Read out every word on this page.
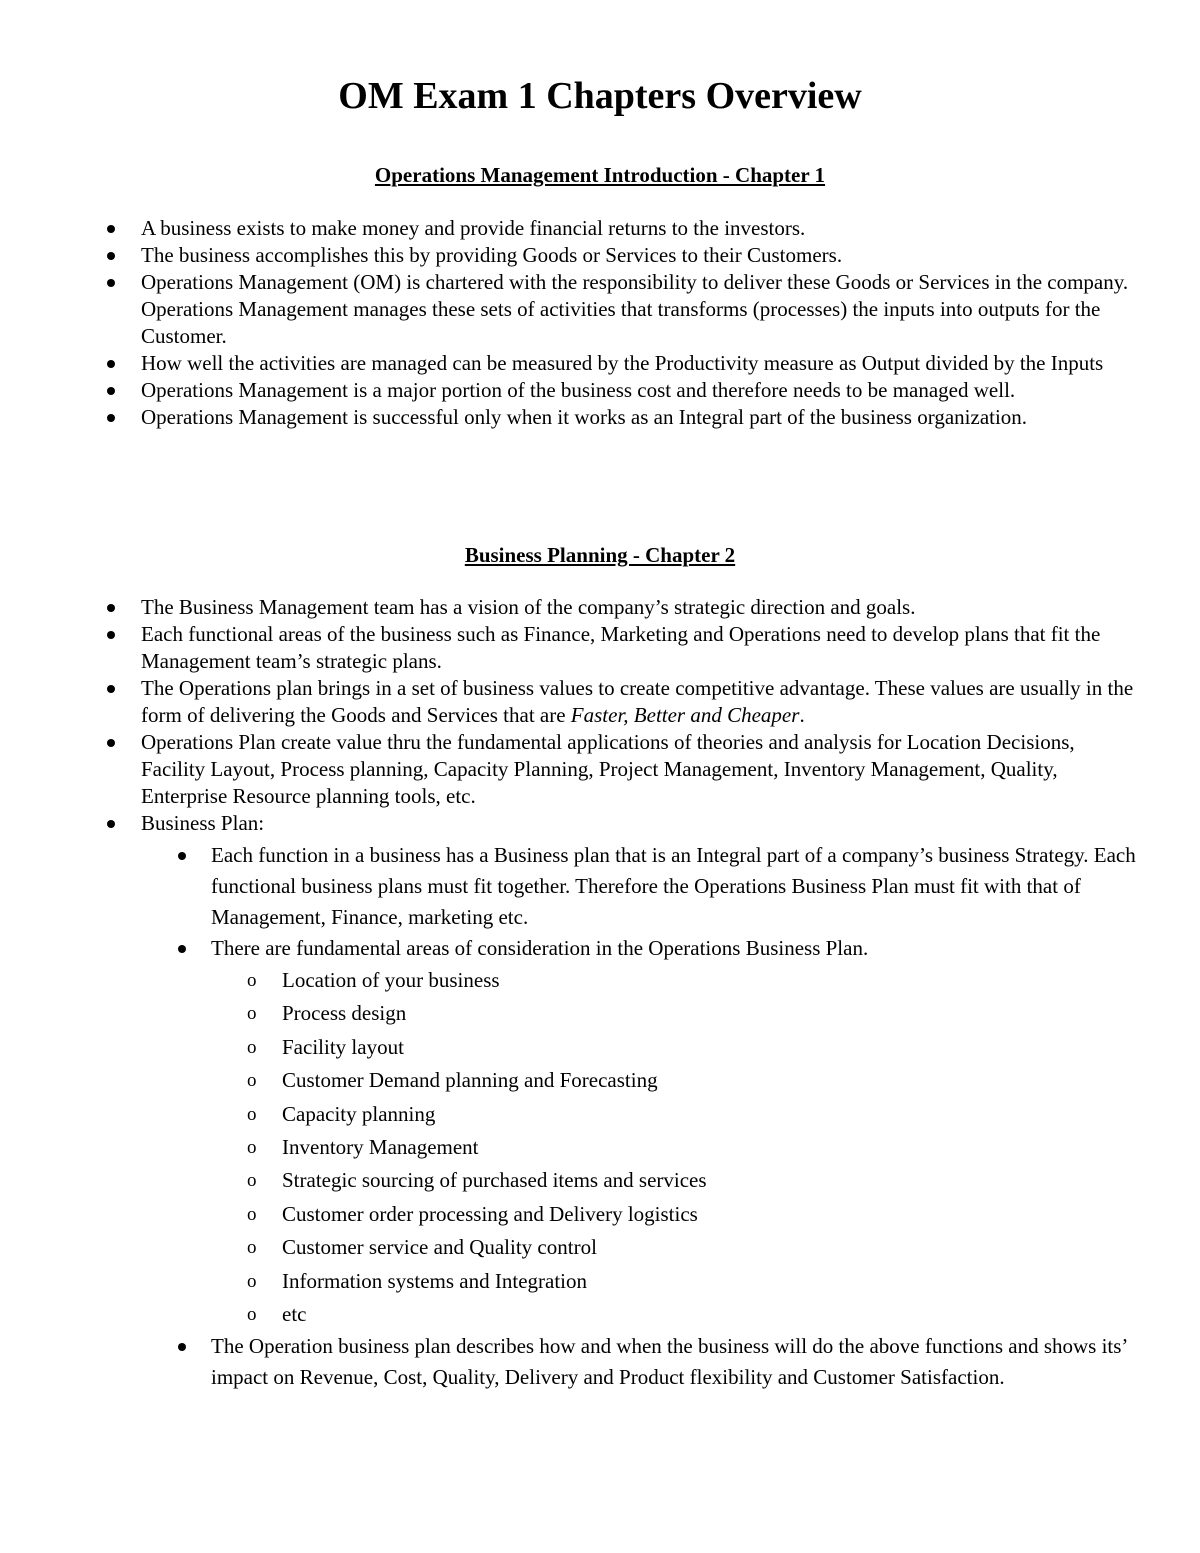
OM Exam 1 Chapters Overview
Operations Management Introduction - Chapter 1
A business exists to make money and provide financial returns to the investors.
The business accomplishes this by providing Goods or Services to their Customers.
Operations Management (OM) is chartered with the responsibility to deliver these Goods or Services in the company. Operations Management manages these sets of activities that transforms (processes) the inputs into outputs for the Customer.
How well the activities are managed can be measured by the Productivity measure as Output divided by the Inputs
Operations Management is a major portion of the business cost and therefore needs to be managed well.
Operations Management is successful only when it works as an Integral part of the business organization.
Business Planning - Chapter 2
The Business Management team has a vision of the company’s strategic direction and goals.
Each functional areas of the business such as Finance, Marketing and Operations need to develop plans that fit the Management team’s strategic plans.
The Operations plan brings in a set of business values to create competitive advantage. These values are usually in the form of delivering the Goods and Services that are Faster, Better and Cheaper.
Operations Plan create value thru the fundamental applications of theories and analysis for Location Decisions, Facility Layout, Process planning, Capacity Planning, Project Management, Inventory Management, Quality, Enterprise Resource planning tools, etc.
Business Plan:
Each function in a business has a Business plan that is an Integral part of a company’s business Strategy. Each functional business plans must fit together. Therefore the Operations Business Plan must fit with that of Management, Finance, marketing etc.
There are fundamental areas of consideration in the Operations Business Plan.
o Location of your business
o Process design
o Facility layout
o Customer Demand planning and Forecasting
o Capacity planning
o Inventory Management
o Strategic sourcing of purchased items and services
o Customer order processing and Delivery logistics
o Customer service and Quality control
o Information systems and Integration
o etc
The Operation business plan describes how and when the business will do the above functions and shows its’ impact on Revenue, Cost, Quality, Delivery and Product flexibility and Customer Satisfaction.
